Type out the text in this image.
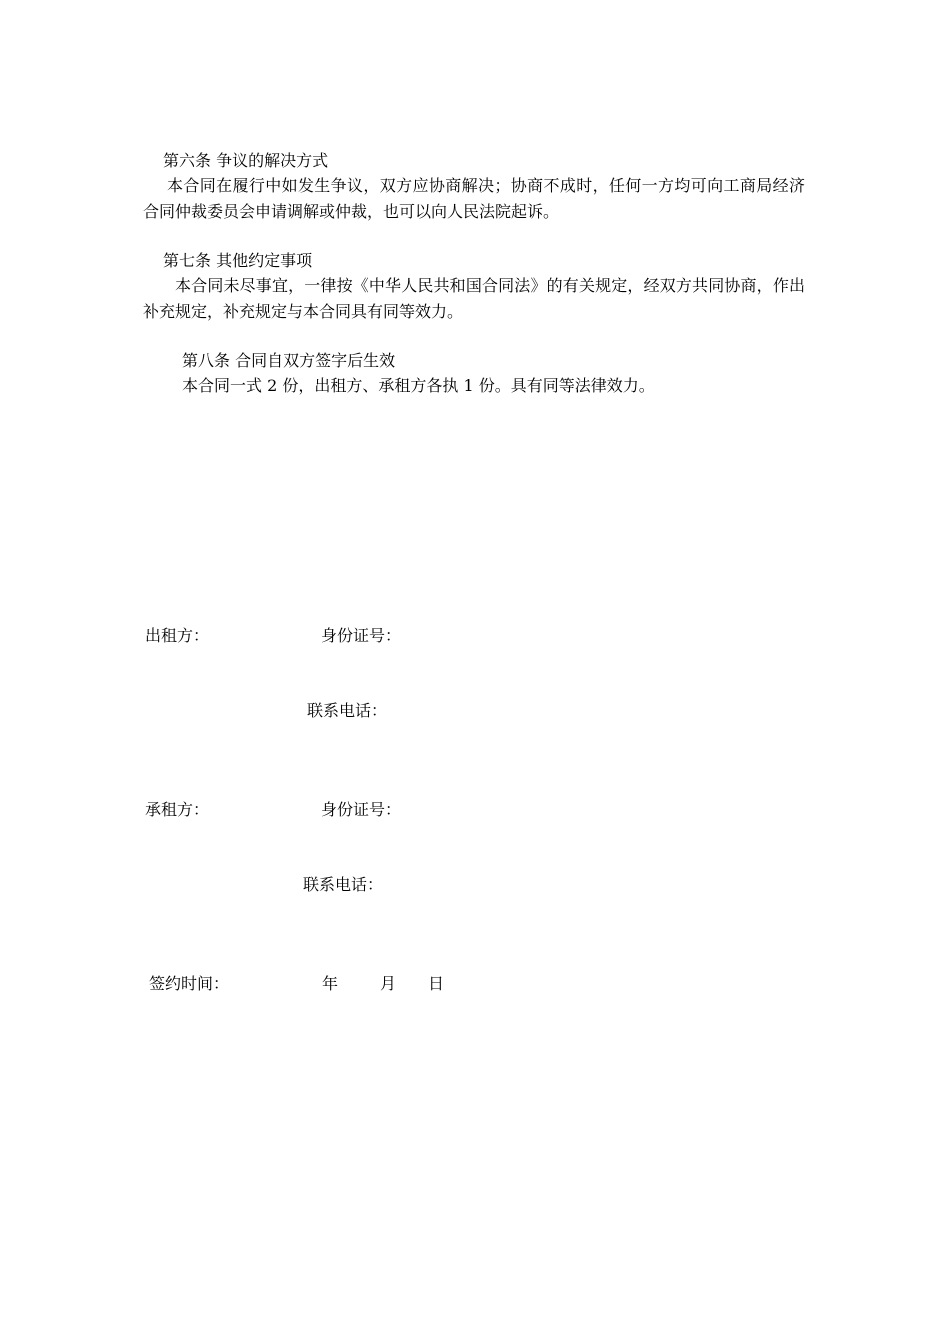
第六条 争议的解决方式
本合同在履行中如发生争议，双方应协商解决；协商不成时，任何一方均可向工商局经济合同仲裁委员会申请调解或仲裁，也可以向人民法院起诉。
第七条 其他约定事项
本合同未尽事宜，一律按《中华人民共和国合同法》的有关规定，经双方共同协商，作出补充规定，补充规定与本合同具有同等效力。
第八条 合同自双方签字后生效
本合同一式 2 份，出租方、承租方各执 1 份。具有同等法律效力。
出租方：	身份证号：
联系电话：
承租方：	身份证号：
联系电话：
签约时间：	年	月 日
